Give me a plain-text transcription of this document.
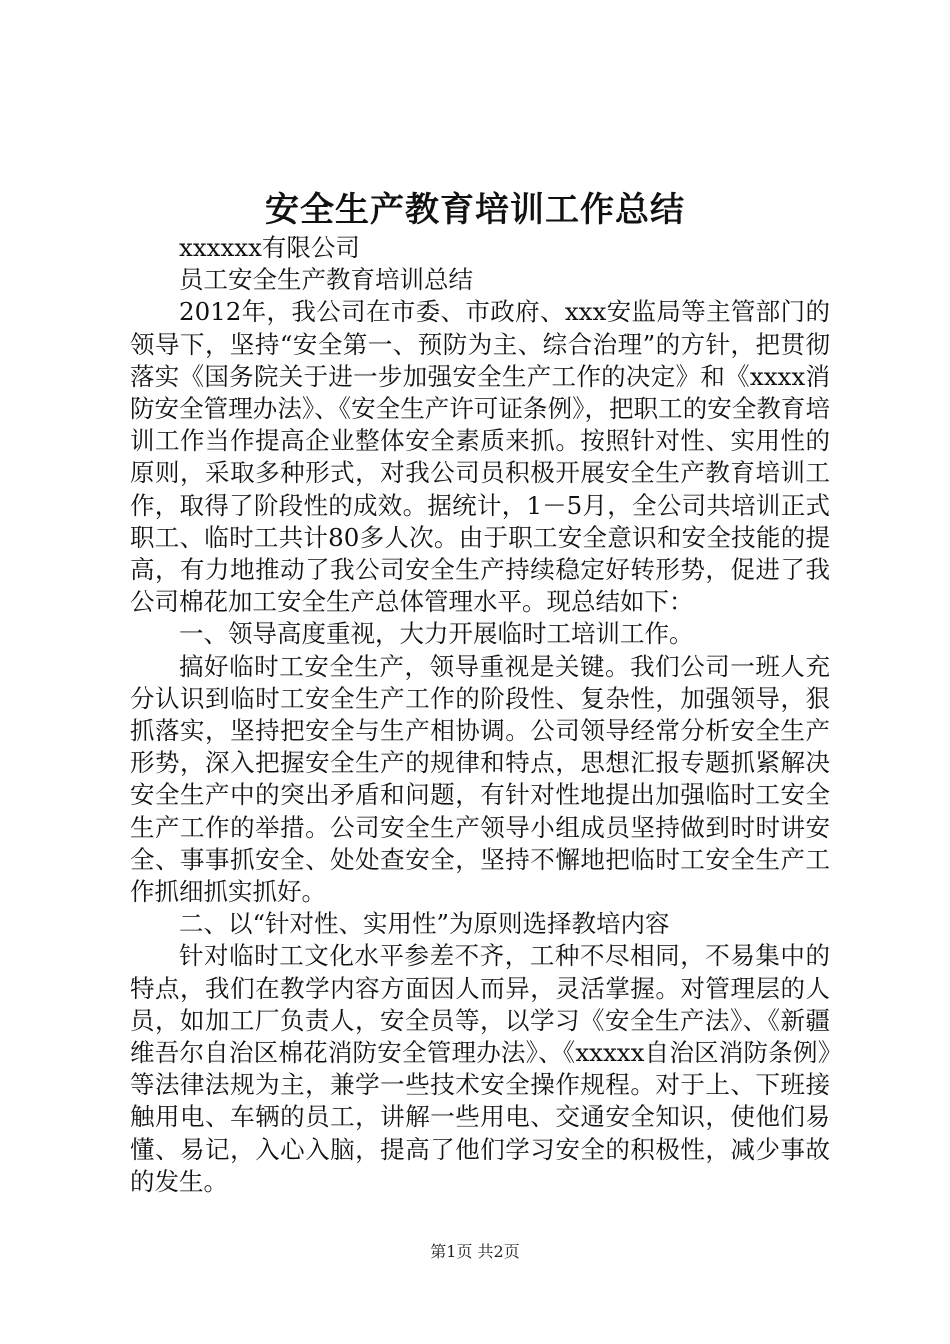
安全生产教育培训工作总结

xxxxxx有限公司

员工安全生产教育培训总结

2012年，我公司在市委、市政府、xxx安监局等主管部门的领导下，坚持“安全第一、预防为主、综合治理”的方针，把贯彻落实《国务院关于进一步加强安全生产工作的决定》和《xxxx消防安全管理办法》、《安全生产许可证条例》，把职工的安全教育培训工作当作提高企业整体安全素质来抓。按照针对性、实用性的原则，采取多种形式，对我公司员积极开展安全生产教育培训工作，取得了阶段性的成效。据统计，1－5月，全公司共培训正式职工、临时工共计80多人次。由于职工安全意识和安全技能的提高，有力地推动了我公司安全生产持续稳定好转形势，促进了我公司棉花加工安全生产总体管理水平。现总结如下：

一、领导高度重视，大力开展临时工培训工作。

搞好临时工安全生产，领导重视是关键。我们公司一班人充分认识到临时工安全生产工作的阶段性、复杂性，加强领导，狠抓落实，坚持把安全与生产相协调。公司领导经常分析安全生产形势，深入把握安全生产的规律和特点，思想汇报专题抓紧解决安全生产中的突出矛盾和问题，有针对性地提出加强临时工安全生产工作的举措。公司安全生产领导小组成员坚持做到时时讲安全、事事抓安全、处处查安全，坚持不懈地把临时工安全生产工作抓细抓实抓好。

二、以“针对性、实用性”为原则选择教培内容

针对临时工文化水平参差不齐，工种不尽相同，不易集中的特点，我们在教学内容方面因人而异，灵活掌握。对管理层的人员，如加工厂负责人，安全员等，以学习《安全生产法》、《新疆维吾尔自治区棉花消防安全管理办法》、《xxxxx自治区消防条例》等法律法规为主，兼学一些技术安全操作规程。对于上、下班接触用电、车辆的员工，讲解一些用电、交通安全知识，使他们易懂、易记，入心入脑，提高了他们学习安全的积极性，减少事故的发生。

第1页 共2页
